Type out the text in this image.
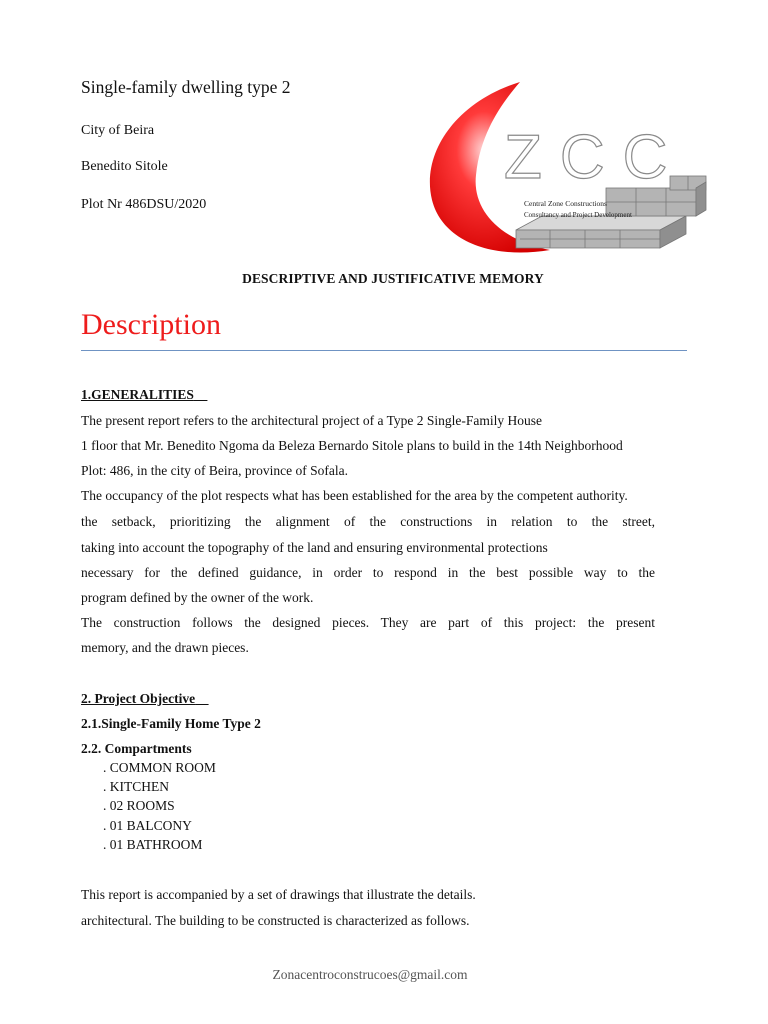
Single-family dwelling type 2
City of Beira
Benedito Sitole
Plot Nr 486DSU/2020
ZCC
Central Zone Constructions
Consultancy and Project Development
DESCRIPTIVE AND JUSTIFICATIVE MEMORY
Description
1.GENERALITIES
The present report refers to the architectural project of a Type 2 Single-Family House
1 floor that Mr. Benedito Ngoma da Beleza Bernardo Sitole plans to build in the 14th Neighborhood
Plot: 486, in the city of Beira, province of Sofala.
The occupancy of the plot respects what has been established for the area by the competent authority.
the setback, prioritizing the alignment of the constructions in relation to the street,
taking into account the topography of the land and ensuring environmental protections
necessary for the defined guidance, in order to respond in the best possible way to the
program defined by the owner of the work.
The construction follows the designed pieces. They are part of this project: the present
memory, and the drawn pieces.
2. Project Objective
2.1.Single-Family Home Type 2
2.2. Compartments
. COMMON ROOM
. KITCHEN
. 02 ROOMS
. 01 BALCONY
. 01 BATHROOM
This report is accompanied by a set of drawings that illustrate the details.
architectural. The building to be constructed is characterized as follows.
Zonacentroconstrucoes@gmail.com
